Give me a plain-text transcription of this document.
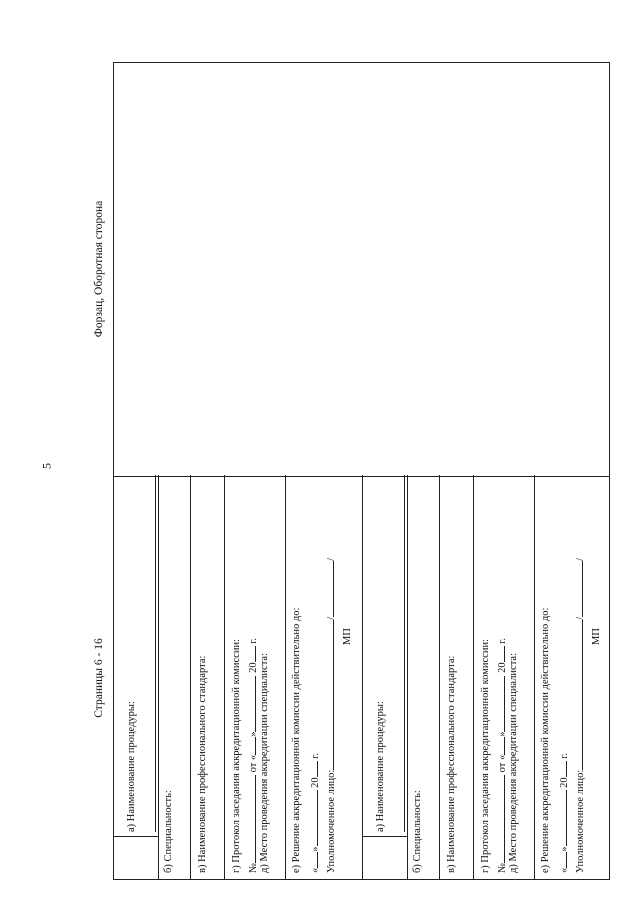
5
Страницы 6 - 16
Форзац, Оборотная сторона
а) Наименование процедуры: б) Специальность: в) Наименование профессионального стандарта: г) Протокол заседания аккредитационной комиссии: № от «» 20 г.
д) Место проведения аккредитации специалиста: е) Решение аккредитационной комиссии действительно до: «» 20 г.
Уполномоченное лицо://
МП
а) Наименование процедуры: б) Специальность: в) Наименование профессионального стандарта: г) Протокол заседания аккредитационной комиссии: № от «» 20 г.
д) Место проведения аккредитации специалиста: е) Решение аккредитационной комиссии действительно до: «» 20 г.
Уполномоченное лицо://
МП
